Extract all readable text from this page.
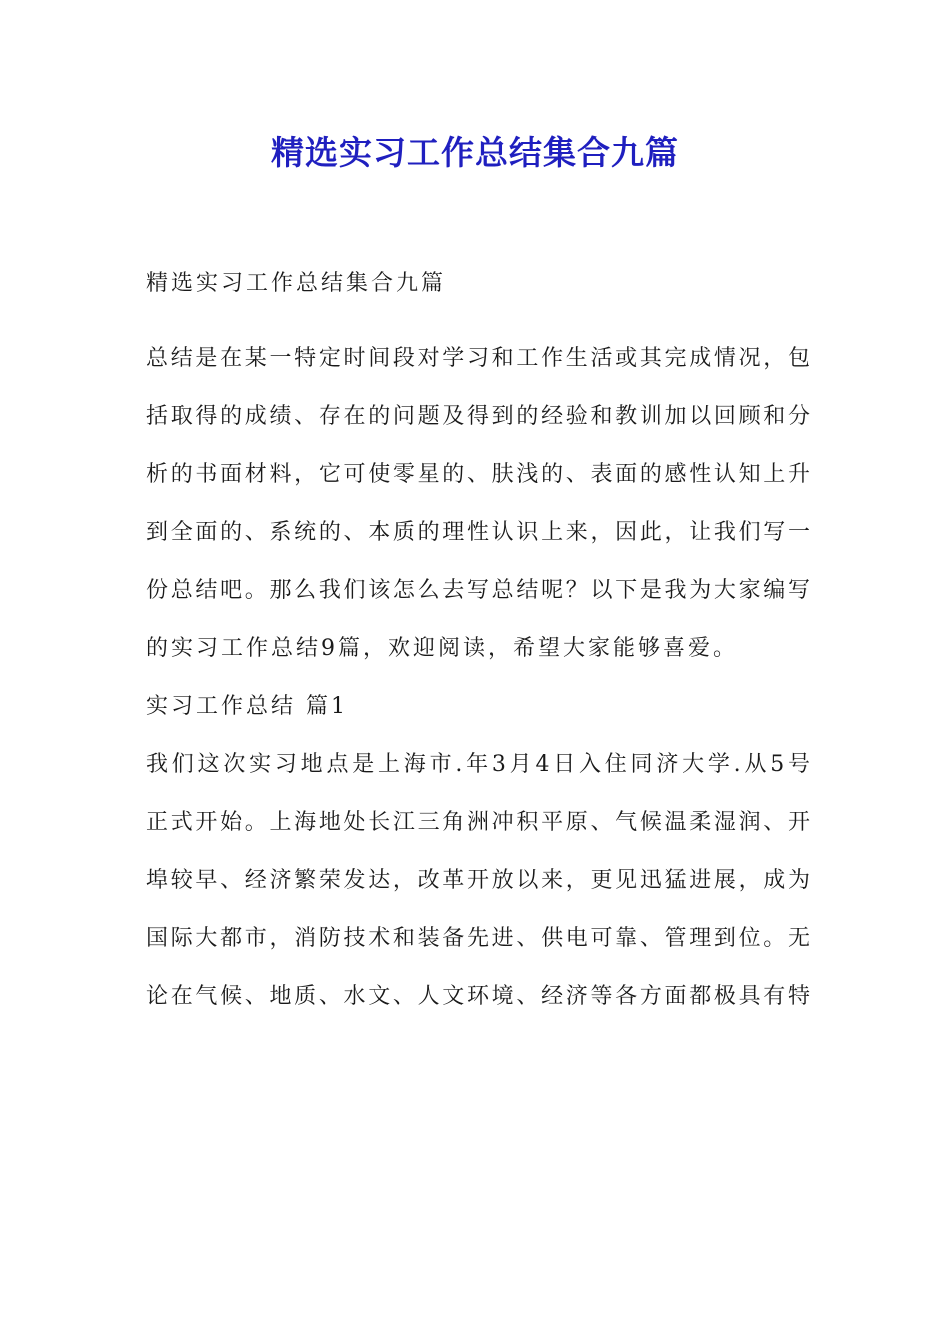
精选实习工作总结集合九篇
精选实习工作总结集合九篇
总结是在某一特定时间段对学习和工作生活或其完成情况，包
括取得的成绩、存在的问题及得到的经验和教训加以回顾和分
析的书面材料，它可使零星的、肤浅的、表面的感性认知上升
到全面的、系统的、本质的理性认识上来，因此，让我们写一
份总结吧。那么我们该怎么去写总结呢？以下是我为大家编写
的实习工作总结9篇，欢迎阅读，希望大家能够喜爱。
实习工作总结 篇1
我们这次实习地点是上海市.年3月4日入住同济大学.从5号
正式开始。上海地处长江三角洲冲积平原、气候温柔湿润、开
埠较早、经济繁荣发达，改革开放以来，更见迅猛进展，成为
国际大都市，消防技术和装备先进、供电可靠、管理到位。无
论在气候、地质、水文、人文环境、经济等各方面都极具有特
